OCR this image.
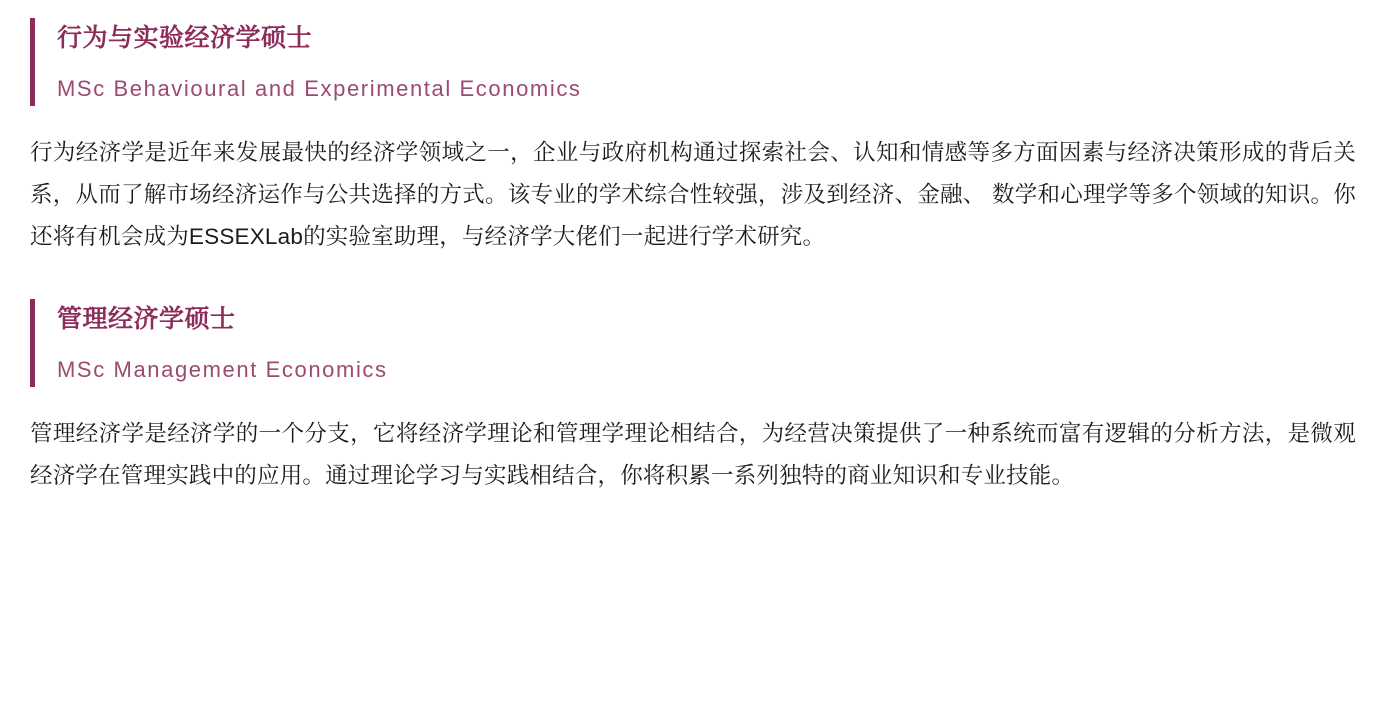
行为与实验经济学硕士

MSc Behavioural and Experimental Economics

行为经济学是近年来发展最快的经济学领域之一，企业与政府机构通过探索社会、认知和情感等多方面因素与经济决策形成的背后关系，从而了解市场经济运作与公共选择的方式。该专业的学术综合性较强，涉及到经济、金融、 数学和心理学等多个领域的知识。你还将有机会成为ESSEXLab的实验室助理，与经济学大佬们一起进行学术研究。

管理经济学硕士

MSc Management Economics

管理经济学是经济学的一个分支，它将经济学理论和管理学理论相结合，为经营决策提供了一种系统而富有逻辑的分析方法，是微观经济学在管理实践中的应用。通过理论学习与实践相结合，你将积累一系列独特的商业知识和专业技能。
